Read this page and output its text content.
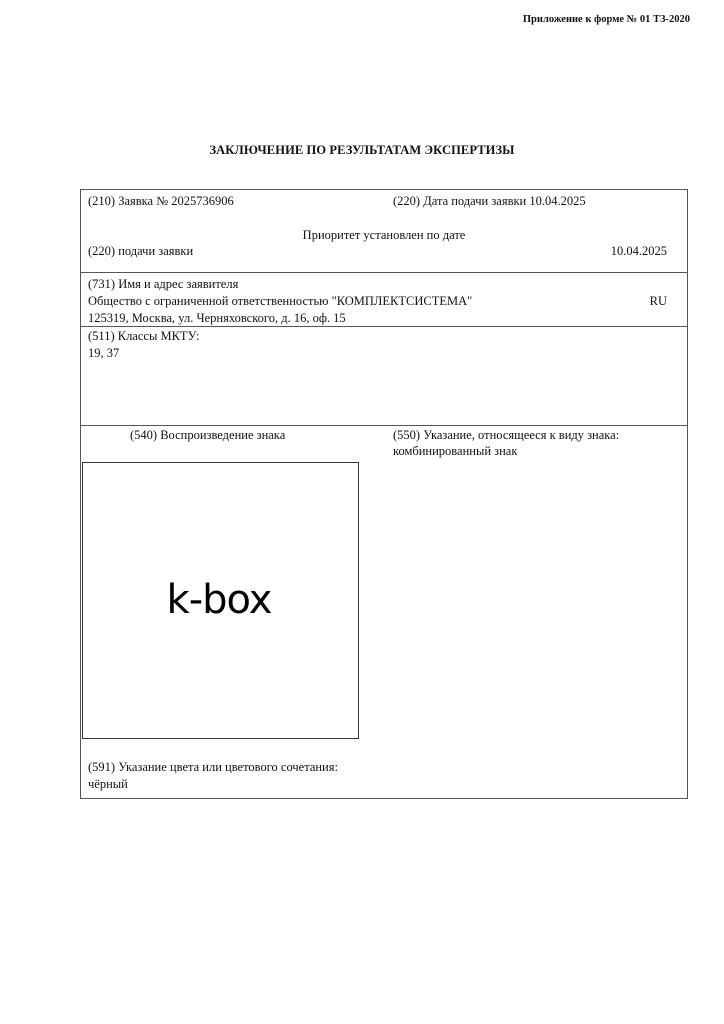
Приложение к форме № 01 ТЗ-2020
ЗАКЛЮЧЕНИЕ ПО РЕЗУЛЬТАТАМ ЭКСПЕРТИЗЫ
(210) Заявка № 2025736906	(220) Дата подачи заявки 10.04.2025
Приоритет установлен по дате
(220) подачи заявки	10.04.2025
(731) Имя и адрес заявителя
Общество с ограниченной ответственностью "КОМПЛЕКТСИСТЕМА"	RU
125319, Москва, ул. Черняховского, д. 16, оф. 15
(511) Классы МКТУ:
19, 37
(540) Воспроизведение знака	(550) Указание, относящееся к виду знака:
комбинированный знак
k-box
(591) Указание цвета или цветового сочетания:
чёрный
